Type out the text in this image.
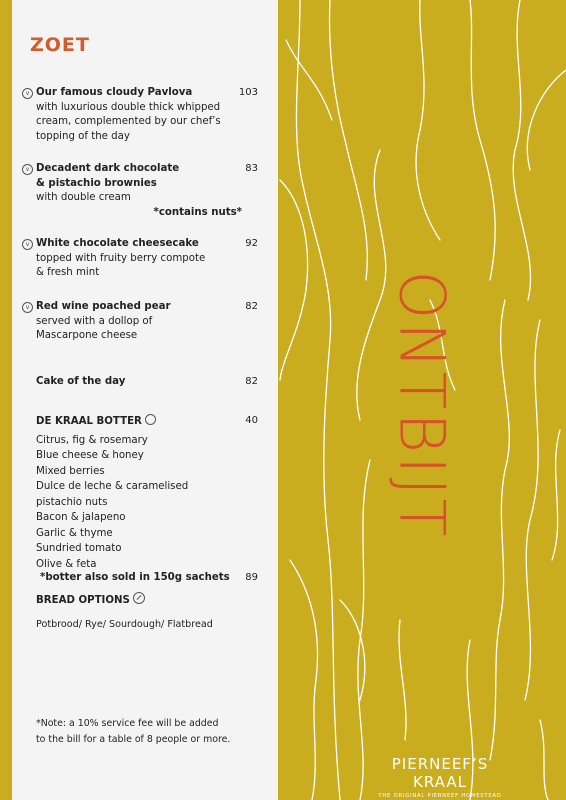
ZOET
v Our famous cloudy Pavlova	103
with luxurious double thick whipped
cream, complemented by our chef’s
topping of the day
v Decadent dark chocolate
& pistachio brownies
83
with double cream
*contains nuts*
v White chocolate cheesecake	92
topped with fruity berry compote
& fresh mint
v Red wine poached pear	82
served with a dollop of
Mascarpone cheese
Cake of the day	82
DE KRAAL BOTTER	40
Citrus, fig & rosemary
Blue cheese & honey
Mixed berries
Dulce de leche & caramelised
pistachio nuts
Bacon & jalapeno
Garlic & thyme
Sundried tomato
Olive & feta
*botter also sold in 150g sachets	89
BREAD OPTIONS
Potbrood/ Rye/ Sourdough/ Flatbread
*Note: a 10% service fee will be added
to the bill for a table of 8 people or more.
ONTBIJT
PIERNEEF’S KRAAL
THE ORIGINAL PIERNEEF HOMESTEAD
